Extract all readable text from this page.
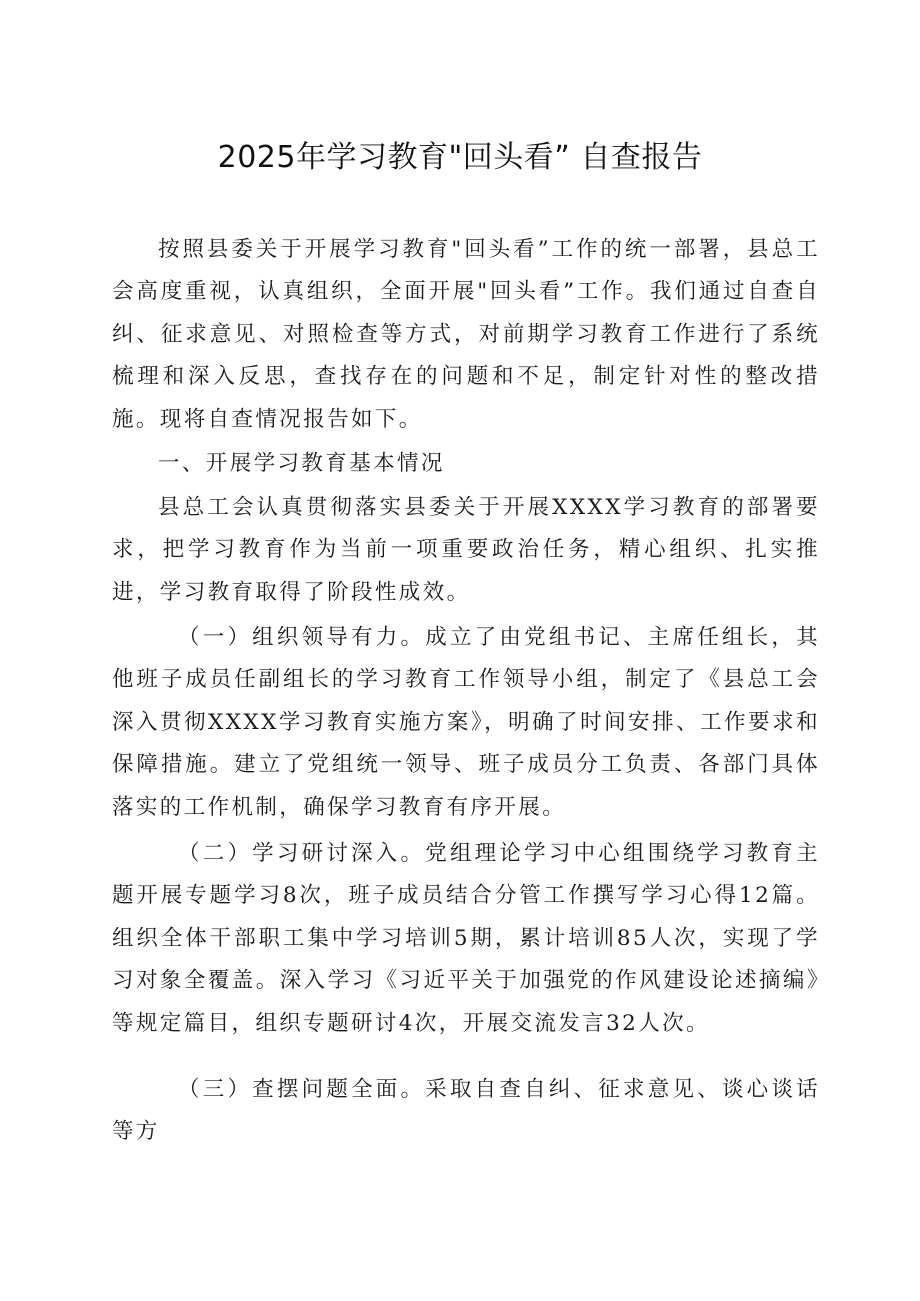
2025年学习教育"回头看” 自查报告

按照县委关于开展学习教育"回头看”工作的统一部署，县总工会高度重视，认真组织，全面开展"回头看”工作。我们通过自查自纠、征求意见、对照检查等方式，对前期学习教育工作进行了系统梳理和深入反思，查找存在的问题和不足，制定针对性的整改措施。现将自查情况报告如下。

一、开展学习教育基本情况

县总工会认真贯彻落实县委关于开展XXXX学习教育的部署要求，把学习教育作为当前一项重要政治任务，精心组织、扎实推进，学习教育取得了阶段性成效。

（一）组织领导有力。成立了由党组书记、主席任组长，其他班子成员任副组长的学习教育工作领导小组，制定了《县总工会深入贯彻XXXX学习教育实施方案》，明确了时间安排、工作要求和保障措施。建立了党组统一领导、班子成员分工负责、各部门具体落实的工作机制，确保学习教育有序开展。

（二）学习研讨深入。党组理论学习中心组围绕学习教育主题开展专题学习8次，班子成员结合分管工作撰写学习心得12篇。组织全体干部职工集中学习培训5期，累计培训85人次，实现了学习对象全覆盖。深入学习《习近平关于加强党的作风建设论述摘编》等规定篇目，组织专题研讨4次，开展交流发言32人次。

（三）查摆问题全面。采取自查自纠、征求意见、谈心谈话等方
